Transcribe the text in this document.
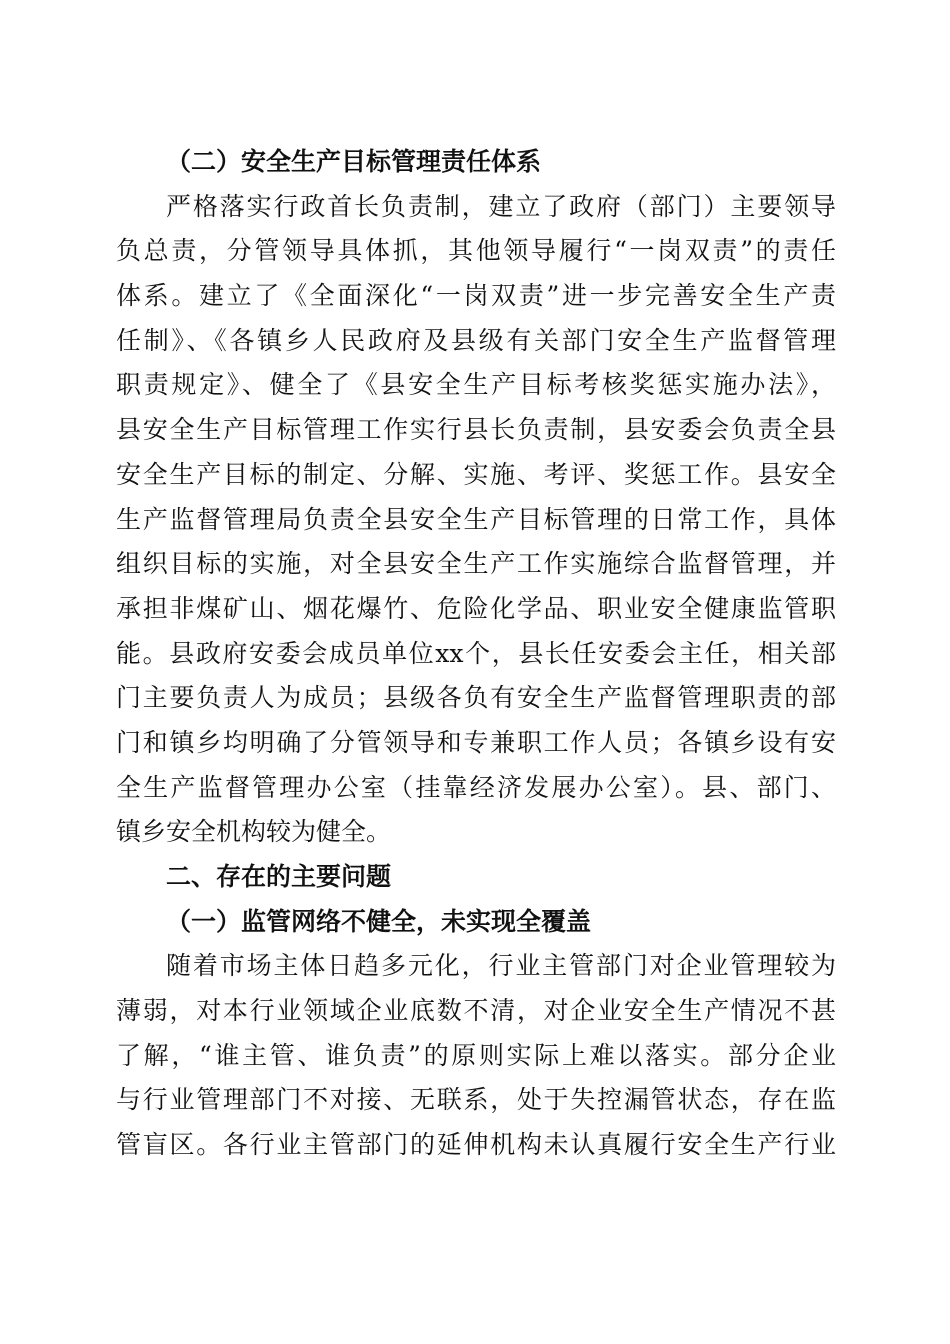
（二）安全生产目标管理责任体系
严格落实行政首长负责制，建立了政府（部门）主要领导
负总责，分管领导具体抓，其他领导履行“一岗双责”的责任
体系。建立了《全面深化“一岗双责”进一步完善安全生产责
任制》、《各镇乡人民政府及县级有关部门安全生产监督管理
职责规定》、健全了《县安全生产目标考核奖惩实施办法》，
县安全生产目标管理工作实行县长负责制，县安委会负责全县
安全生产目标的制定、分解、实施、考评、奖惩工作。县安全
生产监督管理局负责全县安全生产目标管理的日常工作，具体
组织目标的实施，对全县安全生产工作实施综合监督管理，并
承担非煤矿山、烟花爆竹、危险化学品、职业安全健康监管职
能。县政府安委会成员单位xx个，县长任安委会主任，相关部
门主要负责人为成员；县级各负有安全生产监督管理职责的部
门和镇乡均明确了分管领导和专兼职工作人员；各镇乡设有安
全生产监督管理办公室（挂靠经济发展办公室）。县、部门、
镇乡安全机构较为健全。
二、存在的主要问题
（一）监管网络不健全，未实现全覆盖
随着市场主体日趋多元化，行业主管部门对企业管理较为
薄弱，对本行业领域企业底数不清，对企业安全生产情况不甚
了解，“谁主管、谁负责”的原则实际上难以落实。部分企业
与行业管理部门不对接、无联系，处于失控漏管状态，存在监
管盲区。各行业主管部门的延伸机构未认真履行安全生产行业
